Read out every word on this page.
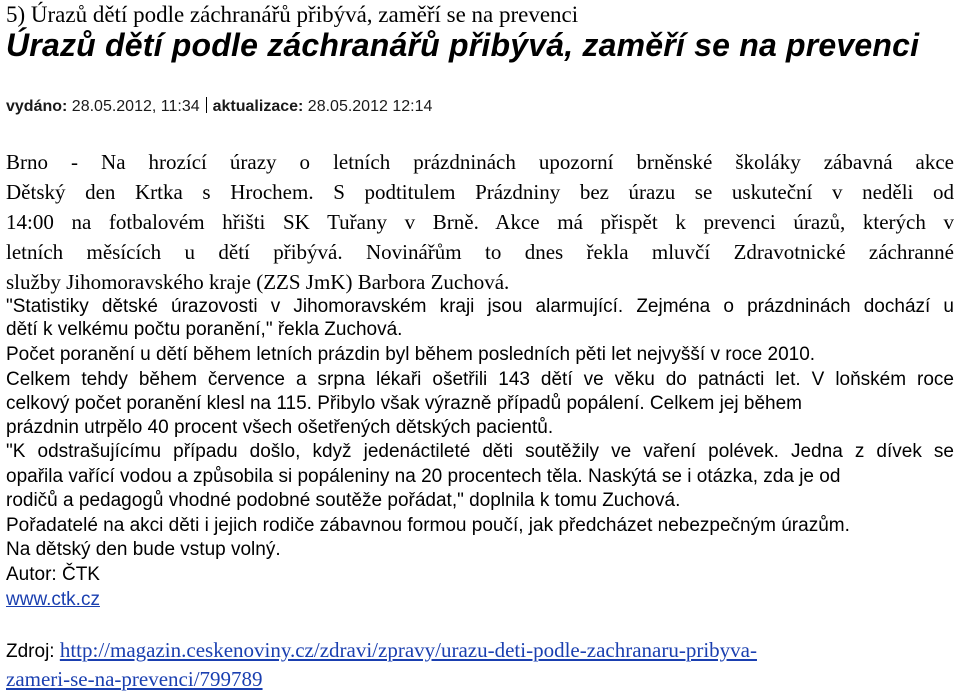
5) Úrazů dětí podle záchranářů přibývá, zaměří se na prevenci
Úrazů dětí podle záchranářů přibývá, zaměří se na prevenci
vydáno: 28.05.2012, 11:34 aktualizace: 28.05.2012 12:14
Brno - Na hrozící úrazy o letních prázdninách upozorní brněnské školáky zábavná akce
Dětský den Krtka s Hrochem. S podtitulem Prázdniny bez úrazu se uskuteční v neděli od
14:00 na fotbalovém hřišti SK Tuřany v Brně. Akce má přispět k prevenci úrazů, kterých v
letních měsících u dětí přibývá. Novinářům to dnes řekla mluvčí Zdravotnické záchranné
služby Jihomoravského kraje (ZZS JmK) Barbora Zuchová.
"Statistiky dětské úrazovosti v Jihomoravském kraji jsou alarmující. Zejména o prázdninách dochází u
dětí k velkému počtu poranění," řekla Zuchová.
Počet poranění u dětí během letních prázdin byl během posledních pěti let nejvyšší v roce 2010.
Celkem tehdy během července a srpna lékaři ošetřili 143 dětí ve věku do patnácti let. V loňském roce
celkový počet poranění klesl na 115. Přibylo však výrazně případů popálení. Celkem jej během
prázdnin utrpělo 40 procent všech ošetřených dětských pacientů.
"K odstrašujícímu případu došlo, když jedenáctileté děti soutěžily ve vaření polévek. Jedna z dívek se
opařila vařící vodou a způsobila si popáleniny na 20 procentech těla. Naskýtá se i otázka, zda je od
rodičů a pedagogů vhodné podobné soutěže pořádat," doplnila k tomu Zuchová.
Pořadatelé na akci děti i jejich rodiče zábavnou formou poučí, jak předcházet nebezpečným úrazům.
Na dětský den bude vstup volný.
Autor: ČTK
www.ctk.cz
Zdroj: http://magazin.ceskenoviny.cz/zdravi/zpravy/urazu-deti-podle-zachranaru-pribyva-
zameri-se-na-prevenci/799789
